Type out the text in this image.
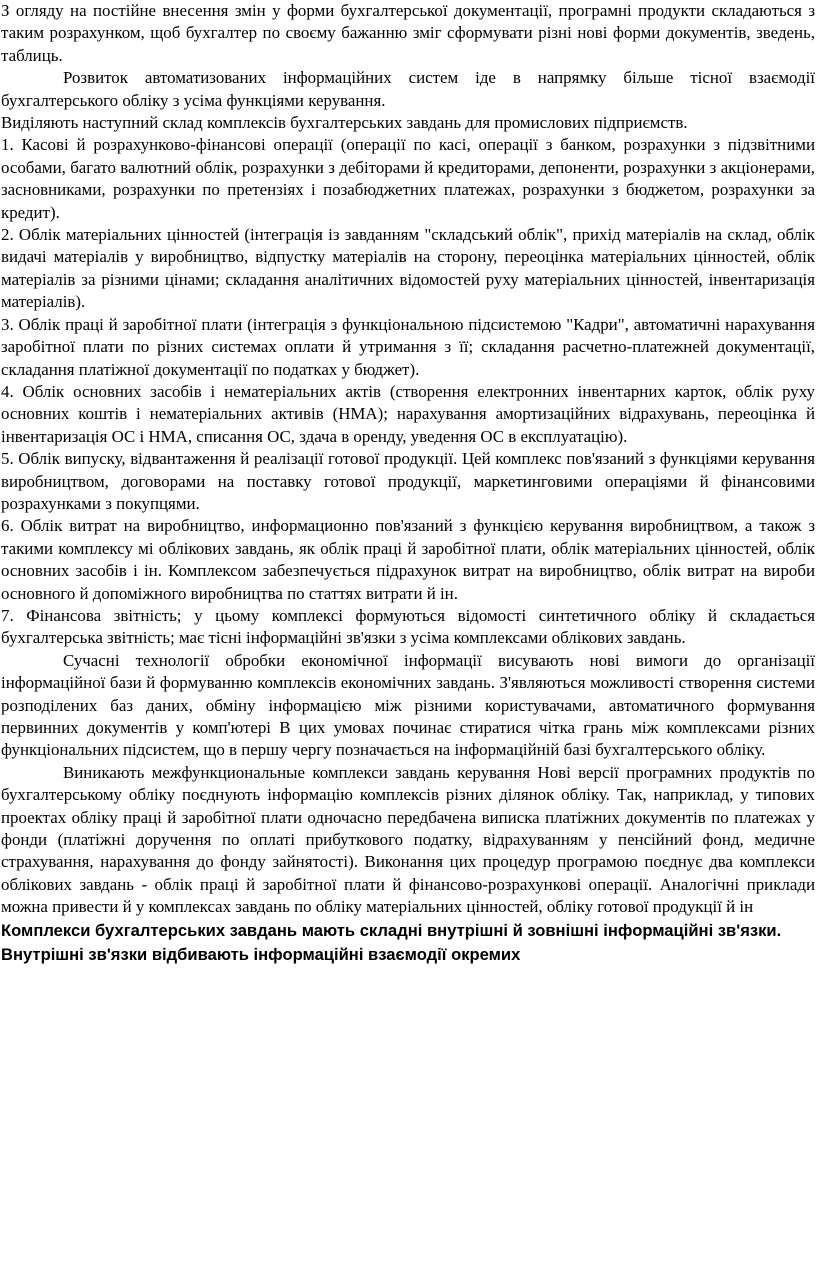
З огляду на постійне внесення змін у форми бухгалтерської документації, програмні продукти складаються з таким розрахунком, щоб бухгалтер по своєму бажанню зміг сформувати різні нові форми документів, зведень, таблиць.

Розвиток автоматизованих інформаційних систем іде в напрямку більше тісної взаємодії бухгалтерського обліку з усіма функціями керування.

Виділяють наступний склад комплексів бухгалтерських завдань для промислових підприємств.

1. Касові й розрахунково-фінансові операції (операції по касі, операції з банком, розрахунки з підзвітними особами, багато валютний облік, розрахунки з дебіторами й кредиторами, депоненти, розрахунки з акціонерами, засновниками, розрахунки по претензіях і позабюджетних платежах, розрахунки з бюджетом, розрахунки за кредит).

2. Облік матеріальних цінностей (інтеграція із завданням "складський облік", прихід матеріалів на склад, облік видачі матеріалів у виробництво, відпустку матеріалів на сторону, переоцінка матеріальних цінностей, облік матеріалів за різними цінами; складання аналітичних відомостей руху матеріальних цінностей, інвентаризація матеріалів).

3. Облік праці й заробітної плати (інтеграція з функціональною підсистемою "Кадри", автоматичні нарахування заробітної плати по різних системах оплати й утримання з її; складання расчетно-платежней документації, складання платіжної документації по податках у бюджет).

4. Облік основних засобів і нематеріальних актів (створення електронних інвентарних карток, облік руху основних коштів і нематеріальних активів (НМА); нарахування амортизаційних відрахувань, переоцінка й інвентаризація ОС і НМА, списання ОС, здача в оренду, уведення ОС в експлуатацію).

5. Облік випуску, відвантаження й реалізації готової продукції. Цей комплекс пов'язаний з функціями керування виробництвом, договорами на поставку готової продукції, маркетинговими операціями й фінансовими розрахунками з покупцями.

6. Облік витрат на виробництво, информационно пов'язаний з функцією керування виробництвом, а також з такими комплексу мі облікових завдань, як облік праці й заробітної плати, облік матеріальних цінностей, облік основних засобів і ін. Комплексом забезпечується підрахунок витрат на виробництво, облік витрат на вироби основного й допоміжного виробництва по статтях витрати й ін.

7. Фінансова звітність; у цьому комплексі формуються відомості синтетичного обліку й складається бухгалтерська звітність; має тісні інформаційні зв'язки з усіма комплексами облікових завдань.

Сучасні технології обробки економічної інформації висувають нові вимоги до організації інформаційної бази й формуванню комплексів економічних завдань. З'являються можливості створення системи розподілених баз даних, обміну інформацією між різними користувачами, автоматичного формування первинних документів у комп'ютері В цих умовах починає стиратися чітка грань між комплексами різних функціональних підсистем, що в першу чергу позначається на інформаційній базі бухгалтерського обліку.

Виникають межфункциональные комплекси завдань керування Нові версії програмних продуктів по бухгалтерському обліку поєднують інформацію комплексів різних ділянок обліку. Так, наприклад, у типових проектах обліку праці й заробітної плати одночасно передбачена виписка платіжних документів по платежах у фонди (платіжні доручення по оплаті прибуткового податку, відрахуванням у пенсійний фонд, медичне страхування, нарахування до фонду зайнятості). Виконання цих процедур програмою поєднує два комплекси облікових завдань - облік праці й заробітної плати й фінансово-розрахункові операції. Аналогічні приклади можна привести й у комплексах завдань по обліку матеріальних цінностей, обліку готової продукції й ін

Комплекси бухгалтерських завдань мають складні внутрішні й зовнішні інформаційні зв'язки. Внутрішні зв'язки відбивають інформаційні взаємодії окремих
